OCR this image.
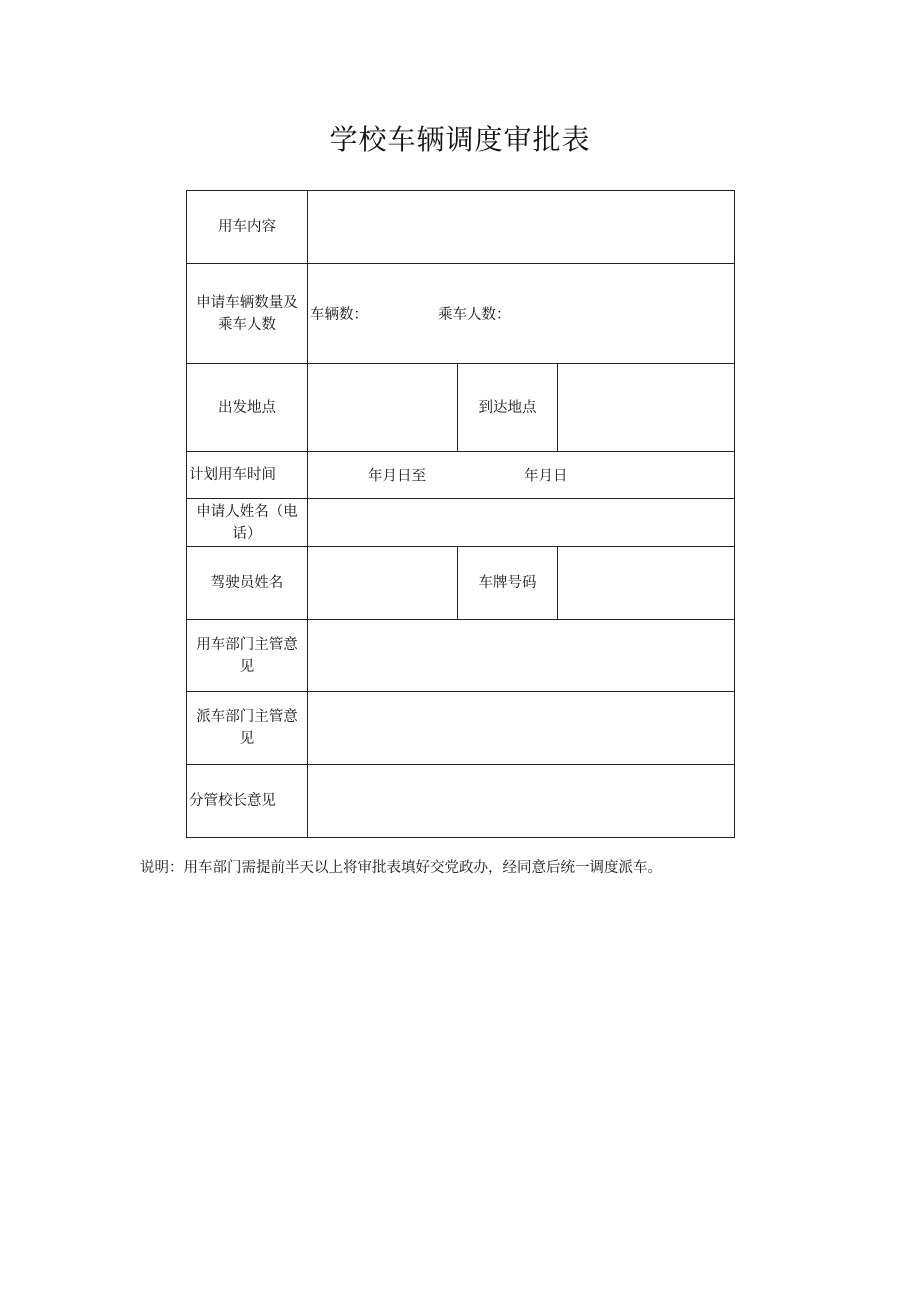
学校车辆调度审批表
用车内容			
申请车辆数量及乘车人数	车辆数： 乘车人数：		
出发地点		到达地点	
计划用车时间	年月日至 年月日		

申请人姓名（电话）			
驾驶员姓名		车牌号码	
用车部门主管意见			
派车部门主管意见			
分管校长意见			
说明：用车部门需提前半天以上将审批表填好交党政办，经同意后统一调度派车。
